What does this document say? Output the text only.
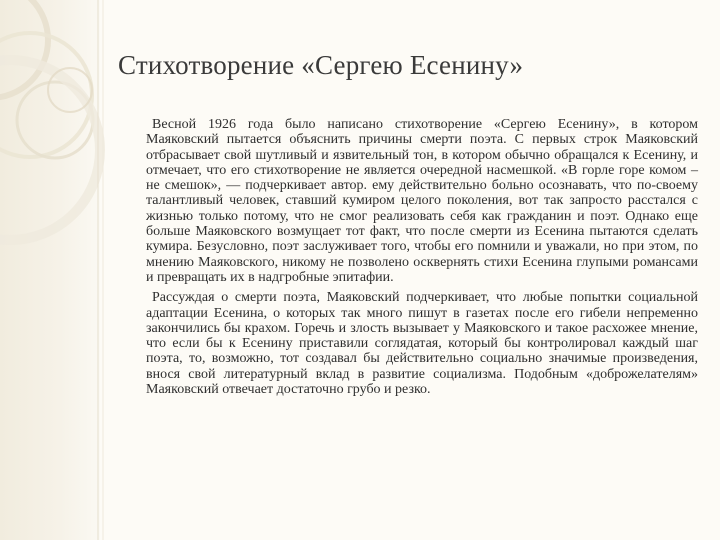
Стихотворение «Сергею Есенину»

Весной 1926 года было написано стихотворение «Сергею Есенину», в котором Маяковский пытается объяснить причины смерти поэта. С первых строк Маяковский отбрасывает свой шутливый и язвительный тон, в котором обычно обращался к Есенину, и отмечает, что его стихотворение не является очередной насмешкой. «В горле горе комом – не смешок», — подчеркивает автор. ему действительно больно осознавать, что по-своему талантливый человек, ставший кумиром целого поколения, вот так запросто расстался с жизнью только потому, что не смог реализовать себя как гражданин и поэт. Однако еще больше Маяковского возмущает тот факт, что после смерти из Есенина пытаются сделать кумира. Безусловно, поэт заслуживает того, чтобы его помнили и уважали, но при этом, по мнению Маяковского, никому не позволено осквернять стихи Есенина глупыми романсами и превращать их в надгробные эпитафии.

Рассуждая о смерти поэта, Маяковский подчеркивает, что любые попытки социальной адаптации Есенина, о которых так много пишут в газетах после его гибели непременно закончились бы крахом. Горечь и злость вызывает у Маяковского и такое расхожее мнение, что если бы к Есенину приставили соглядатая, который бы контролировал каждый шаг поэта, то, возможно, тот создавал бы действительно социально значимые произведения, внося свой литературный вклад в развитие социализма. Подобным «доброжелателям» Маяковский отвечает достаточно грубо и резко.
